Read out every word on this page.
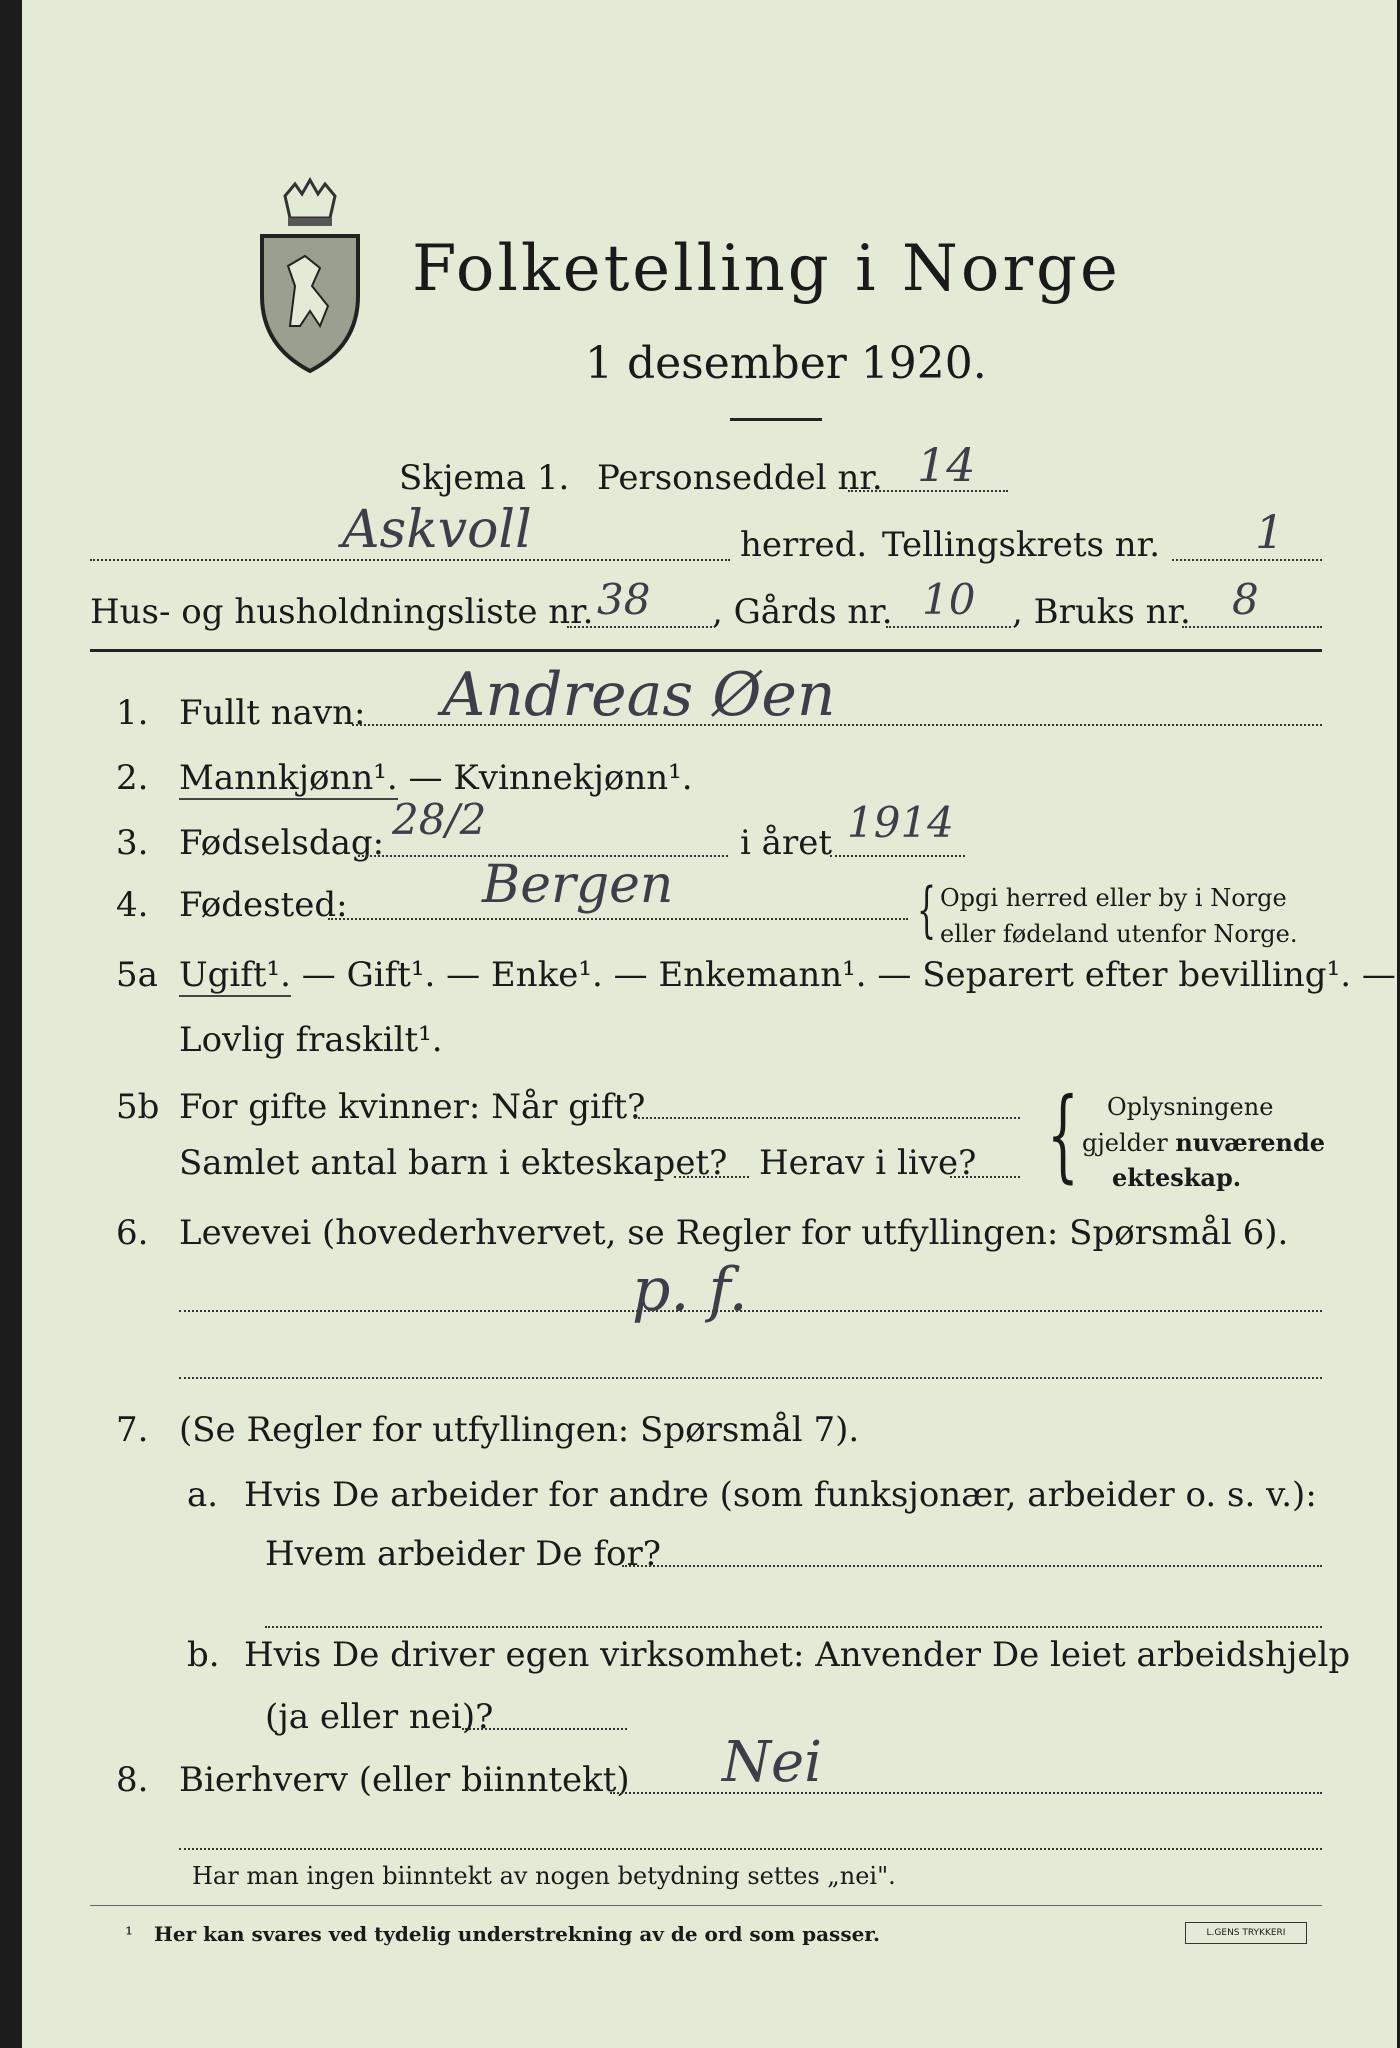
Folketelling i Norge
1 desember 1920.
Skjema 1. Personseddel nr. 14
Askvoll	herred. Tellingskrets nr. 1
Hus- og husholdningsliste nr. 38 , Gårds nr. 10 , Bruks nr. 8
1. Fullt navn: Andreas Øen
2. Mannkjønn¹. — Kvinnekjønn¹.
3. Fødselsdag: 28/2	i året 1914
4. Fødested:	Bergen	{ Opgi herred eller by i Norge
eller fødeland utenfor Norge.
5a Ugift¹. — Gift¹. — Enke¹. — Enkemann¹. — Separert efter bevilling¹. —
Lovlig fraskilt¹.
5b For gifte kvinner: Når gift?
Samlet antal barn i ekteskapet? Herav i live? { Oplysningene
gjelder nuværende
ekteskap.
6. Levevei (hovederhvervet, se Regler for utfyllingen: Spørsmål 6).
p. f.
7. (Se Regler for utfyllingen: Spørsmål 7).
a. Hvis De arbeider for andre (som funksjonær, arbeider o. s. v.):
Hvem arbeider De for?
b. Hvis De driver egen virksomhet: Anvender De leiet arbeidshjelp
(ja eller nei)?
8. Bierhverv (eller biinntekt) Nei
Har man ingen biinntekt av nogen betydning settes „nei".
¹ Her kan svares ved tydelig understrekning av de ord som passer.	L.GENS TRYKKERI
